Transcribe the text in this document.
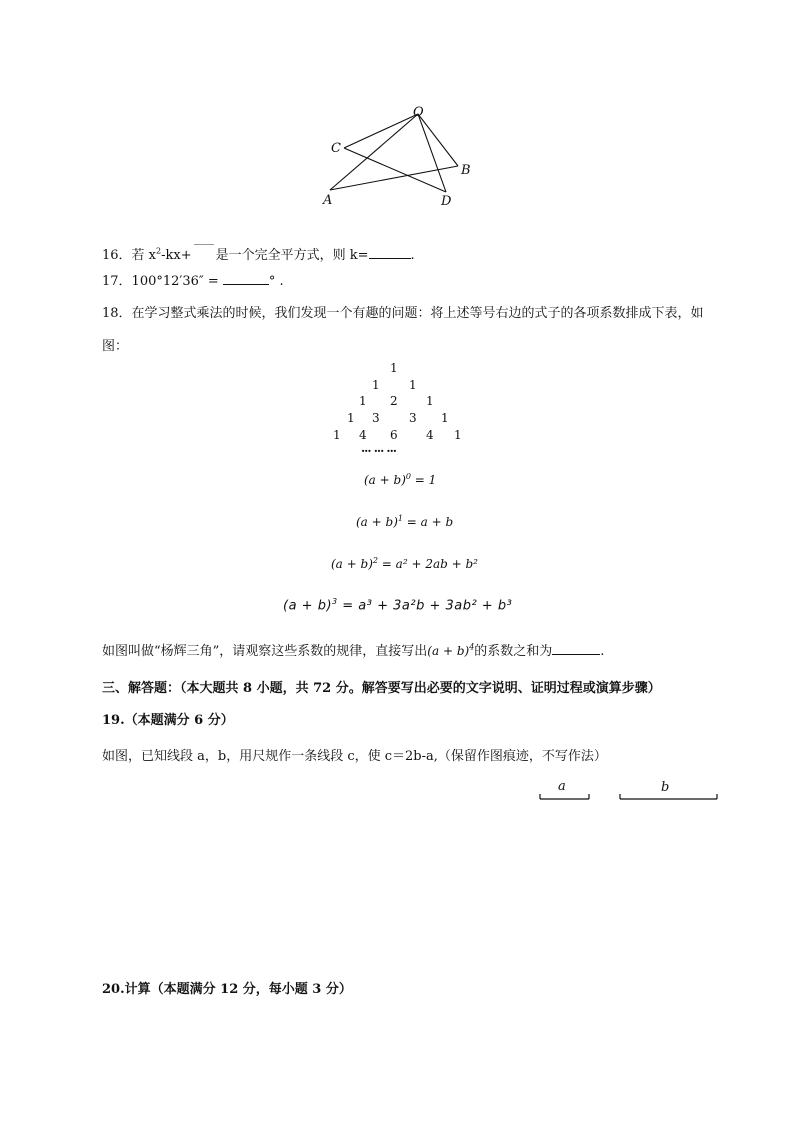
O
C
B
A	D
16．若 $x^2-kx+$ 是一个完全平方式，则 k=	.
17．100°12′36″ =	° .
18．在学习整式乘法的时候，我们发现一个有趣的问题：将上述等号右边的式子的各项系数排成下表，如
图：
1
1 1
1 2 1
1 3 3 1
1 4 6 4 1
··· ··· ···
$(a + b)^0 = 1$
$(a + b)^1 = a + b$
$(a + b)^2 = a^2 + 2ab + b^2$
$(a + b)^3 = a^3 + 3a^2b + 3ab^2 + b^3$
如图叫做“杨辉三角”，请观察这些系数的规律，直接写出$(a + b)^4$的系数之和为	.
三、解答题：（本大题共 8 小题，共 72 分。解答要写出必要的文字说明、证明过程或演算步骤）
19.（本题满分 6 分）
如图，已知线段 a，b，用尺规作一条线段 c，使 c＝2b-a,（保留作图痕迹，不写作法）
a	b
20.计算（本题满分 12 分，每小题 3 分）
